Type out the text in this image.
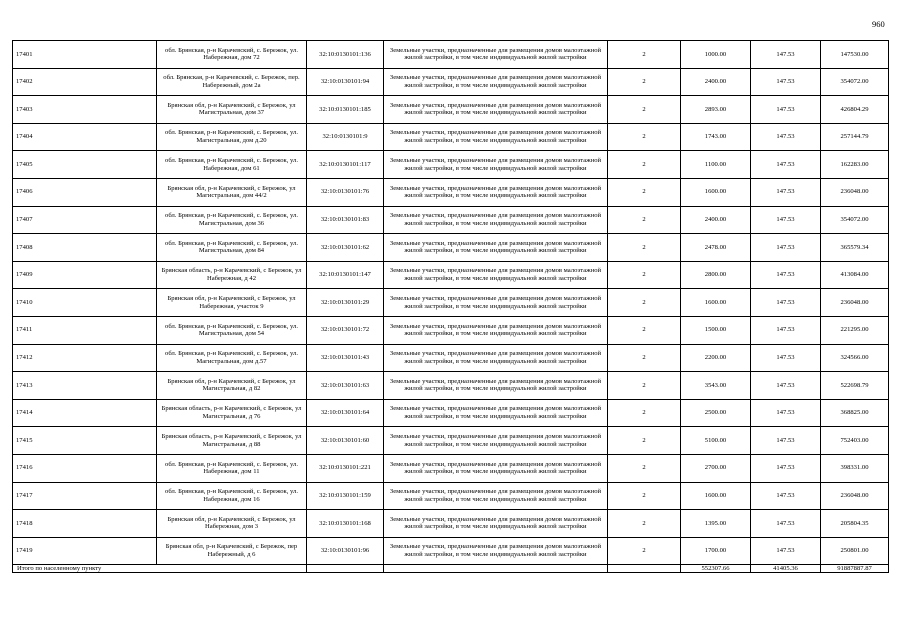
960
17401	обл. Брянская, р-н Карачевский, с. Бережок, ул. Набережная, дом 72	32:10:0130101:136	Земельные участки, предназначенные для размещения домов малоэтажной жилой застройки, в том числе индивидуальной жилой застройки	2	1000.00	147.53	147530.00
17402	обл. Брянская, р-н Карачевский, с. Бережок, пер. Набережный, дом 2а	32:10:0130101:94	Земельные участки, предназначенные для размещения домов малоэтажной жилой застройки, в том числе индивидуальной жилой застройки	2	2400.00	147.53	354072.00
17403	Брянская обл, р-н Карачевский, с Бережок, ул Магистральная, дом 37	32:10:0130101:185	Земельные участки, предназначенные для размещения домов малоэтажной жилой застройки, в том числе индивидуальной жилой застройки	2	2893.00	147.53	426804.29
17404	обл. Брянская, р-н Карачевский, с. Бережок, ул. Магистральная, дом д.20	32:10:0130101:9	Земельные участки, предназначенные для размещения домов малоэтажной жилой застройки, в том числе индивидуальной жилой застройки	2	1743.00	147.53	257144.79
17405	обл. Брянская, р-н Карачевский, с. Бережок, ул. Набережная, дом 61	32:10:0130101:117	Земельные участки, предназначенные для размещения домов малоэтажной жилой застройки, в том числе индивидуальной жилой застройки	2	1100.00	147.53	162283.00
17406	Брянская обл, р-н Карачевский, с Бережок, ул Магистральная, дом 44/2	32:10:0130101:76	Земельные участки, предназначенные для размещения домов малоэтажной жилой застройки, в том числе индивидуальной жилой застройки	2	1600.00	147.53	236048.00
17407	обл. Брянская, р-н Карачевский, с. Бережок, ул. Магистральная, дом 36	32:10:0130101:83	Земельные участки, предназначенные для размещения домов малоэтажной жилой застройки, в том числе индивидуальной жилой застройки	2	2400.00	147.53	354072.00
17408	обл. Брянская, р-н Карачевский, с. Бережок, ул. Магистральная, дом 84	32:10:0130101:62	Земельные участки, предназначенные для размещения домов малоэтажной жилой застройки, в том числе индивидуальной жилой застройки	2	2478.00	147.53	365579.34
17409	Брянская область, р-н Карачевский, с Бережок, ул Набережная, д 42	32:10:0130101:147	Земельные участки, предназначенные для размещения домов малоэтажной жилой застройки, в том числе индивидуальной жилой застройки	2	2800.00	147.53	413084.00
17410	Брянская обл, р-н Карачевский, с Бережок, ул Набережная, участок 9	32:10:0130101:29	Земельные участки, предназначенные для размещения домов малоэтажной жилой застройки, в том числе индивидуальной жилой застройки	2	1600.00	147.53	236048.00
17411	обл. Брянская, р-н Карачевский, с. Бережок, ул. Магистральная, дом 54	32:10:0130101:72	Земельные участки, предназначенные для размещения домов малоэтажной жилой застройки, в том числе индивидуальной жилой застройки	2	1500.00	147.53	221295.00
17412	обл. Брянская, р-н Карачевский, с. Бережок, ул. Магистральная, дом д.57	32:10:0130101:43	Земельные участки, предназначенные для размещения домов малоэтажной жилой застройки, в том числе индивидуальной жилой застройки	2	2200.00	147.53	324566.00
17413	Брянская обл, р-н Карачевский, с Бережок, ул Магистральная, д 82	32:10:0130101:63	Земельные участки, предназначенные для размещения домов малоэтажной жилой застройки, в том числе индивидуальной жилой застройки	2	3543.00	147.53	522698.79
17414	Брянская область, р-н Карачевский, с Бережок, ул Магистральная, д 76	32:10:0130101:64	Земельные участки, предназначенные для размещения домов малоэтажной жилой застройки, в том числе индивидуальной жилой застройки	2	2500.00	147.53	368825.00
17415	Брянская область, р-н Карачевский, с Бережок, ул Магистральная, д 88	32:10:0130101:60	Земельные участки, предназначенные для размещения домов малоэтажной жилой застройки, в том числе индивидуальной жилой застройки	2	5100.00	147.53	752403.00
17416	обл. Брянская, р-н Карачевский, с. Бережок, ул. Набережная, дом 11	32:10:0130101:221	Земельные участки, предназначенные для размещения домов малоэтажной жилой застройки, в том числе индивидуальной жилой застройки	2	2700.00	147.53	398331.00
17417	обл. Брянская, р-н Карачевский, с. Бережок, ул. Набережная, дом 16	32:10:0130101:159	Земельные участки, предназначенные для размещения домов малоэтажной жилой застройки, в том числе индивидуальной жилой застройки	2	1600.00	147.53	236048.00
17418	Брянская обл, р-н Карачевский, с Бережок, ул Набережная, дом 3	32:10:0130101:168	Земельные участки, предназначенные для размещения домов малоэтажной жилой застройки, в том числе индивидуальной жилой застройки	2	1395.00	147.53	205804.35
17419	Брянская обл, р-н Карачевский, с Бережок, пер Набережный, д 6	32:10:0130101:96	Земельные участки, предназначенные для размещения домов малоэтажной жилой застройки, в том числе индивидуальной жилой застройки	2	1700.00	147.53	250801.00
Итого по населенному пункту					552307.66	41405.36	91887887.87
